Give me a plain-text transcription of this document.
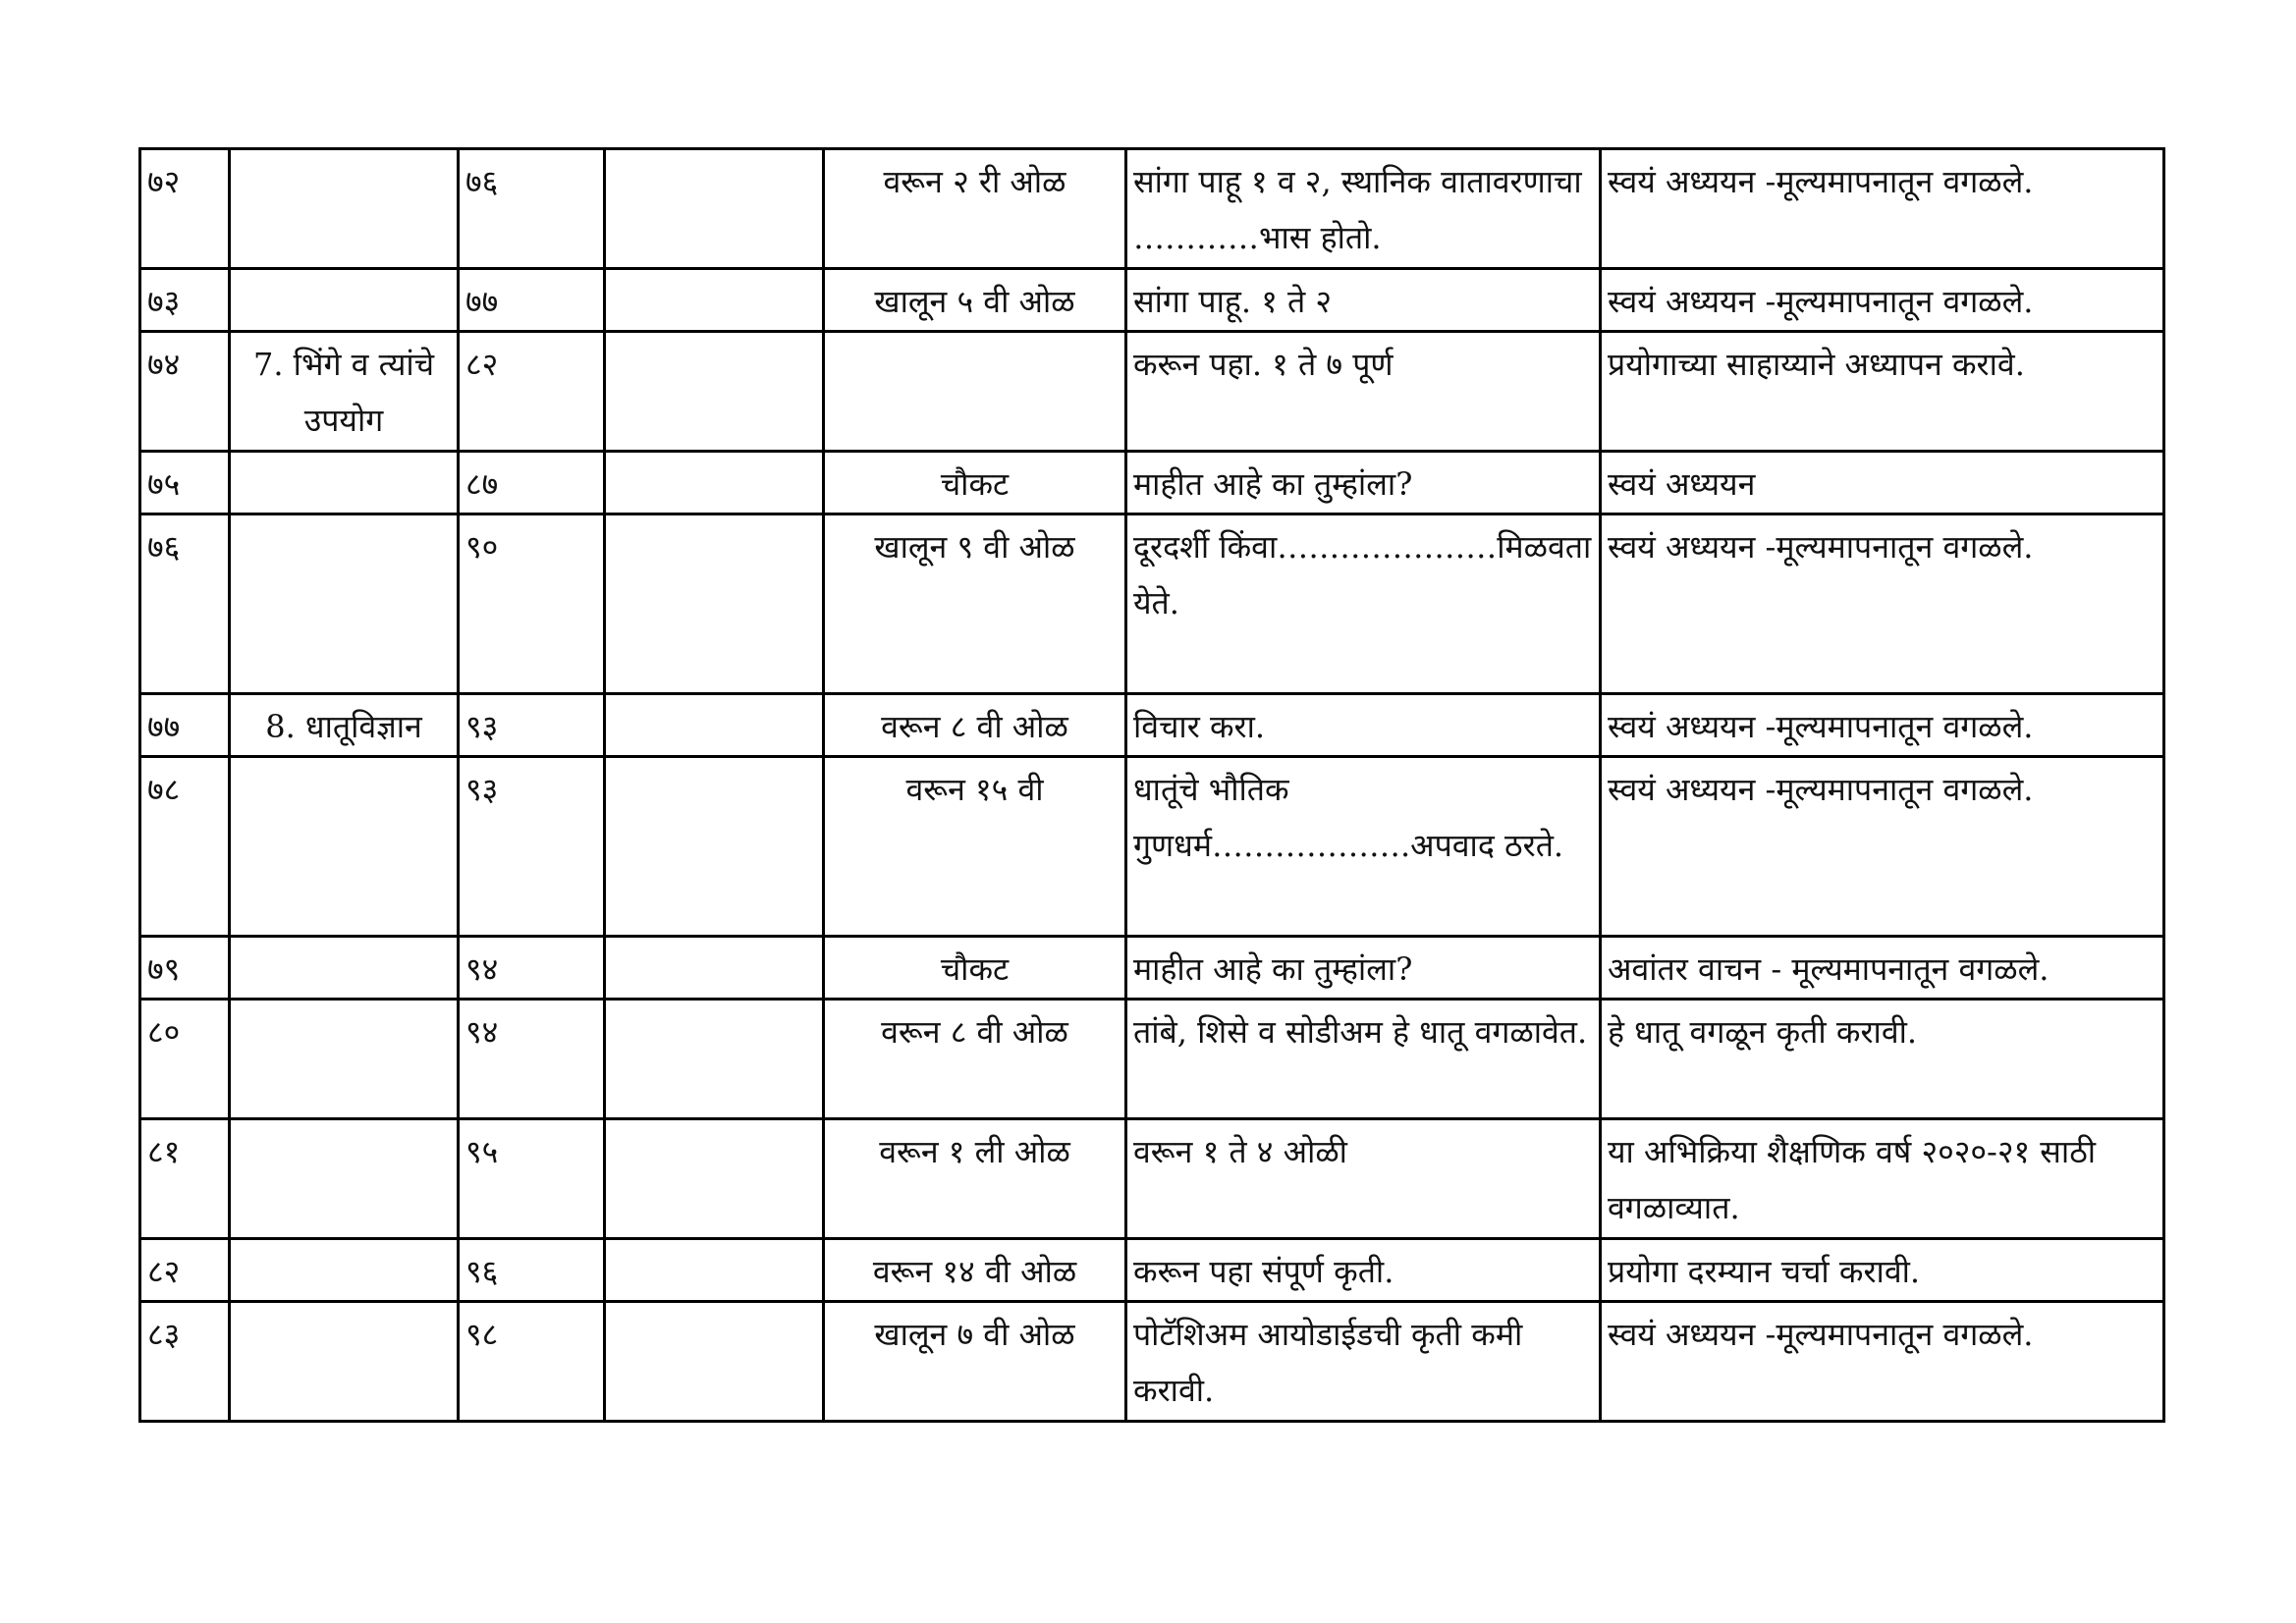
७२		७६		वरून २ री ओळ	सांगा पाहू १ व २, स्थानिक वातावरणाचा …………भास होतो.	स्वयं अध्ययन -मूल्यमापनातून वगळले.
७३		७७		खालून ५ वी ओळ	सांगा पाहू. १ ते २	स्वयं अध्ययन -मूल्यमापनातून वगळले.
७४	7. भिंगे व त्यांचे उपयोग	८२			करून पहा. १ ते ७ पूर्ण	प्रयोगाच्या साहाय्याने अध्यापन करावे.
७५		८७		चौकट	माहीत आहे का तुम्हांला?	स्वयं अध्ययन
७६		९०		खालून ९ वी ओळ	दूरदर्शी किंवा…………………मिळवता येते.	स्वयं अध्ययन -मूल्यमापनातून वगळले.
७७	8. धातूविज्ञान	९३		वरून ८ वी ओळ	विचार करा.	स्वयं अध्ययन -मूल्यमापनातून वगळले.
७८		९३		वरून १५ वी	धातूंचे भौतिक गुणधर्म……………….अपवाद ठरते.	स्वयं अध्ययन -मूल्यमापनातून वगळले.
७९		९४		चौकट	माहीत आहे का तुम्हांला?	अवांतर वाचन - मूल्यमापनातून वगळले.
८०		९४		वरून ८ वी ओळ	तांबे, शिसे व सोडीअम हे धातू वगळावेत.	हे धातू वगळून कृती करावी.
८१		९५		वरून १ ली ओळ	वरून १ ते ४ ओळी	या अभिक्रिया शैक्षणिक वर्ष २०२०-२१ साठी वगळाव्यात.
८२		९६		वरून १४ वी ओळ	करून पहा संपूर्ण कृती.	प्रयोगा दरम्यान चर्चा करावी.
८३		९८		खालून ७ वी ओळ	पोटॅशिअम आयोडाईडची कृती कमी करावी.	स्वयं अध्ययन -मूल्यमापनातून वगळले.
